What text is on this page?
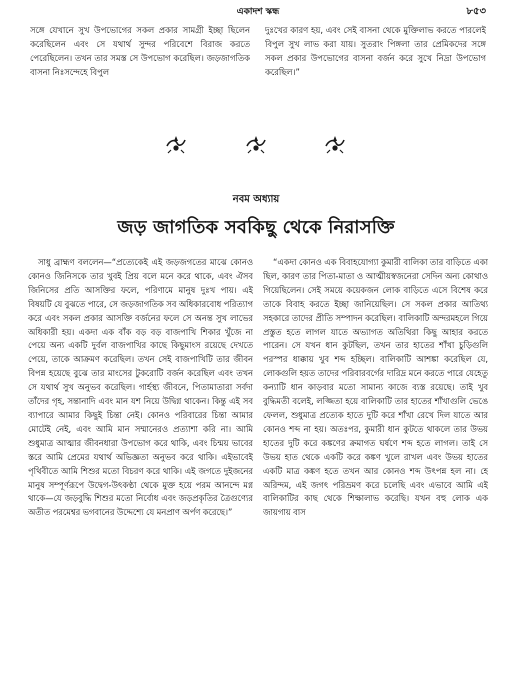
একাদশ স্কন্ধ	৮৫৩

সঙ্গে যেখানে সুখ উপভোগের সকল প্রকার সামগ্রী ইচ্ছা ছিলেন করেছিলেন এবং সে যথার্থ সুন্দর পরিবেশে বিরাজ করতে পেরেছিলেন। তখন তার সমস্ত সে উপভোগ করেছিল। জড়জাগতিক বাসনা নিঃসন্দেহে বিপুল

দুঃখের কারণ হয়, এবং সেই বাসনা থেকে মুক্তিলাভ করতে পারলেই বিপুল সুখ লাভ করা যায়। সুতরাং পিঙ্গলা তার প্রেমিকদের সঙ্গে সকল প্রকার উপভোগের বাসনা বর্জন করে সুখে নিদ্রা উপভোগ করেছিল।”

নবম অধ্যায়
জড় জাগতিক সবকিছু থেকে নিরাসক্তি

সাধু ব্রাহ্মণ বললেন—“প্রত্যেকেই এই জড়জগতের মাঝে কোনও কোনও জিনিসকে তার খুবই প্রিয় বলে মনে করে থাকে, এবং ঐসব জিনিসের প্রতি আসক্তির ফলে, পরিণামে মানুষ দুঃখ পায়। এই বিষয়টি যে বুঝতে পারে, সে জড়জাগতিক সব অধিকারবোধ পরিত্যাগ করে এবং সকল প্রকার আসক্তি বর্জনের ফলে সে অনন্ত সুখ লাভের অধিকারী হয়। একদা এক বাঁক বড় বড় বাজপাখি শিকার খুঁজে না পেয়ে অন্য একটি দুর্বল বাজপাখির কাছে কিছুমাংস রয়েছে দেখতে পেয়ে, তাকে আক্রমণ করেছিল। তখন সেই বাজপাখিটি তার জীবন বিপন্ন হয়েছে বুঝে তার মাংসের টুকরোটি বর্জন করেছিল এবং তখন সে যথার্থ সুখ অনুভব করেছিল। গার্হস্থ্য জীবনে, পিতামাতারা সর্বদা তাঁদের গৃহ, সন্তানাদি এবং মান যশ নিয়ে উদ্বিগ্ন থাকেন। কিন্তু এই সব ব্যাপারে আমার কিছুই চিন্তা নেই। কোনও পরিবারের চিন্তা আমার মোটেই নেই, এবং আমি মান সম্মানেরও প্রত্যাশা করি না। আমি শুধুমাত্র আত্মার জীবনধারা উপভোগ করে থাকি, এবং চিন্ময় ভাবের স্তরে আমি প্রেমের যথার্থ অভিজ্ঞতা অনুভব করে থাকি। এইভাবেই পৃথিবীতে আমি শিশুর মতো বিচরণ করে থাকি। এই জগতে দুইজনের মানুষ সম্পূর্ণরূপে উদ্বেগ-উৎকণ্ঠা থেকে মুক্ত হয়ে পরম আনন্দে মগ্ন থাকে—যে জড়বুদ্ধি শিশুর মতো নির্বোধ এবং জড়প্রকৃতির ত্রৈগুণ্যের অতীত পরমেশ্বর ভগবানের উদ্দেশ্যে যে মনপ্রাণ অর্পণ করেছে।”

“একদা কোনও এক বিবাহযোগ্যা কুমারী বালিকা তার বাড়িতে একা ছিল, কারণ তার পিতা-মাতা ও আত্মীয়স্বজনেরা সেদিন অন্য কোথাও গিয়েছিলেন। সেই সময়ে কয়েকজন লোক বাড়িতে এসে বিশেষ করে তাকে বিবাহ করতে ইচ্ছা জানিয়েছিল। সে সকল প্রকার আতিথ্য সহকারে তাদের প্রীতি সম্পাদন করেছিল। বালিকাটি অন্দরমহলে গিয়ে প্রস্তুত হতে লাগল যাতে অভ্যাগত অতিথিরা কিছু আহার করতে পারেন। সে যখন ধান কুটছিল, তখন তার হাতের শাঁখা চুড়িগুলি পরস্পর ধাক্কায় খুব শব্দ হচ্ছিল। বালিকাটি আশঙ্কা করেছিল যে, লোকগুলি হয়ত তাদের পরিবারবর্গের দারিদ্র মনে করতে পারে যেহেতু কন্যাটি ধান কাড়বার মতো সামান্য কাজে ব্যস্ত রয়েছে। তাই খুব বুদ্ধিমতী বলেই, লজ্জিতা হয়ে বালিকাটি তার হাতের শাঁখাগুলি ভেঙে ফেলল, শুধুমাত্র প্রত্যেক হাতে দুটি করে শাঁখা রেখে দিল যাতে আর কোনও শব্দ না হয়। অতঃপর, কুমারী ধান কুটতে থাকলে তার উভয় হাতের দুটি করে কঙ্কণের ক্রমাগত ঘর্ষণে শব্দ হতে লাগল। তাই সে উভয় হাত থেকে একটি করে কঙ্কণ খুলে রাখল এবং উভয় হাতের একটি মাত্র কঙ্কণ হতে তখন আর কোনও শব্দ উৎপন্ন হল না। হে অরিন্দম, এই জগৎ পরিভ্রমণ করে চলেছি এবং এভাবে আমি এই বালিকাটির কাছ থেকে শিক্ষালাভ করেছি। যখন বহু লোক এক জায়গায় বাস
